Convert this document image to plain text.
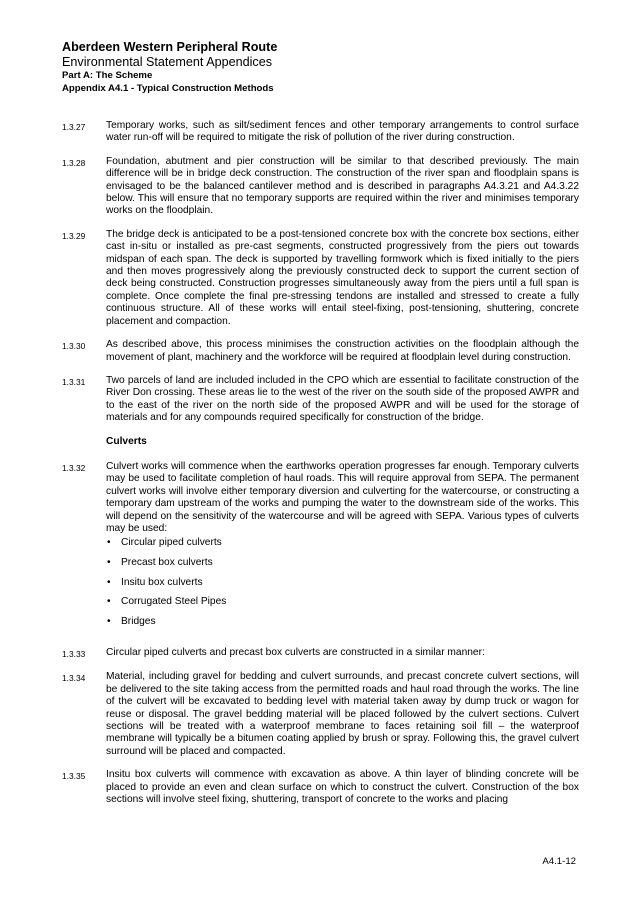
Aberdeen Western Peripheral Route
Environmental Statement Appendices
Part A: The Scheme
Appendix A4.1 - Typical Construction Methods
1.3.27	Temporary works, such as silt/sediment fences and other temporary arrangements to control surface water run-off will be required to mitigate the risk of pollution of the river during construction.
1.3.28	Foundation, abutment and pier construction will be similar to that described previously. The main difference will be in bridge deck construction. The construction of the river span and floodplain spans is envisaged to be the balanced cantilever method and is described in paragraphs A4.3.21 and A4.3.22 below. This will ensure that no temporary supports are required within the river and minimises temporary works on the floodplain.
1.3.29	The bridge deck is anticipated to be a post-tensioned concrete box with the concrete box sections, either cast in-situ or installed as pre-cast segments, constructed progressively from the piers out towards midspan of each span. The deck is supported by travelling formwork which is fixed initially to the piers and then moves progressively along the previously constructed deck to support the current section of deck being constructed. Construction progresses simultaneously away from the piers until a full span is complete. Once complete the final pre-stressing tendons are installed and stressed to create a fully continuous structure. All of these works will entail steel-fixing, post-tensioning, shuttering, concrete placement and compaction.
1.3.30	As described above, this process minimises the construction activities on the floodplain although the movement of plant, machinery and the workforce will be required at floodplain level during construction.
1.3.31	Two parcels of land are included included in the CPO which are essential to facilitate construction of the River Don crossing. These areas lie to the west of the river on the south side of the proposed AWPR and to the east of the river on the north side of the proposed AWPR and will be used for the storage of materials and for any compounds required specifically for construction of the bridge.
Culverts
1.3.32	Culvert works will commence when the earthworks operation progresses far enough. Temporary culverts may be used to facilitate completion of haul roads. This will require approval from SEPA. The permanent culvert works will involve either temporary diversion and culverting for the watercourse, or constructing a temporary dam upstream of the works and pumping the water to the downstream side of the works. This will depend on the sensitivity of the watercourse and will be agreed with SEPA. Various types of culverts may be used:
• Circular piped culverts
• Precast box culverts
• Insitu box culverts
• Corrugated Steel Pipes
• Bridges
1.3.33	Circular piped culverts and precast box culverts are constructed in a similar manner:
1.3.34	Material, including gravel for bedding and culvert surrounds, and precast concrete culvert sections, will be delivered to the site taking access from the permitted roads and haul road through the works. The line of the culvert will be excavated to bedding level with material taken away by dump truck or wagon for reuse or disposal. The gravel bedding material will be placed followed by the culvert sections. Culvert sections will be treated with a waterproof membrane to faces retaining soil fill – the waterproof membrane will typically be a bitumen coating applied by brush or spray. Following this, the gravel culvert surround will be placed and compacted.
1.3.35	Insitu box culverts will commence with excavation as above. A thin layer of blinding concrete will be placed to provide an even and clean surface on which to construct the culvert. Construction of the box sections will involve steel fixing, shuttering, transport of concrete to the works and placing
A4.1-12
